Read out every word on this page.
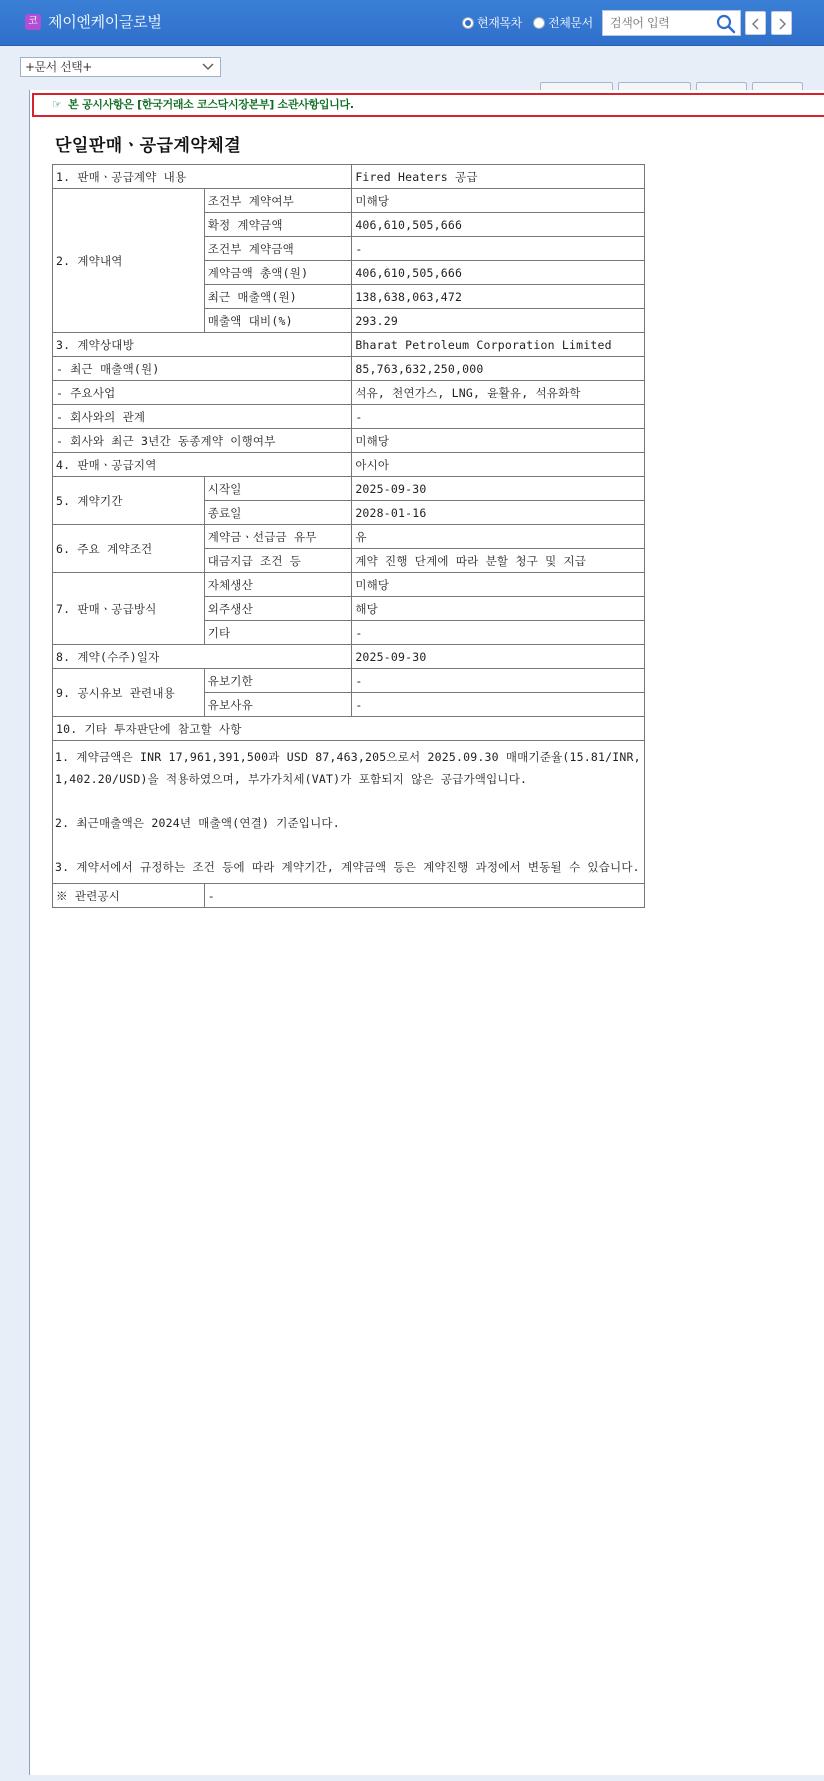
코 제이엔케이글로벌	현재목차 전체문서
검색어 입력
+문서 선택+
☞ 본 공시사항은 [한국거래소 코스닥시장본부] 소관사항입니다.
단일판매ㆍ공급계약체결
1. 판매ㆍ공급계약 내용		Fired Heaters 공급
2. 계약내역	조건부 계약여부	미해당
	확정 계약금액	406,610,505,666
	조건부 계약금액	-
	계약금액 총액(원)	406,610,505,666
	최근 매출액(원)	138,638,063,472
	매출액 대비(%)	293.29
3. 계약상대방		Bharat Petroleum Corporation Limited
- 최근 매출액(원)		85,763,632,250,000
- 주요사업		석유, 천연가스, LNG, 윤활유, 석유화학
- 회사와의 관계		-
- 회사와 최근 3년간 동종계약 이행여부		미해당
4. 판매ㆍ공급지역		아시아
5. 계약기간	시작일	2025-09-30
	종료일	2028-01-16
6. 주요 계약조건	계약금ㆍ선급금 유무	유
	대금지급 조건 등	계약 진행 단계에 따라 분할 청구 및 지급
7. 판매ㆍ공급방식	자체생산	미해당
	외주생산	해당
	기타	-
8. 계약(수주)일자		2025-09-30
9. 공시유보 관련내용	유보기한	-
	유보사유	-
10. 기타 투자판단에 참고할 사항		

1. 계약금액은 INR 17,961,391,500과 USD 87,463,205으로서 2025.09.30 매매기준율(15.81/INR, 1,402.20/USD)을 적용하였으며, 부가가치세(VAT)가 포함되지 않은 공급가액입니다.

2. 최근매출액은 2024년 매출액(연결) 기준입니다.

3. 계약서에서 규정하는 조건 등에 따라 계약기간, 계약금액 등은 계약진행 과정에서 변동될 수 있습니다.		

※ 관련공시	-	
